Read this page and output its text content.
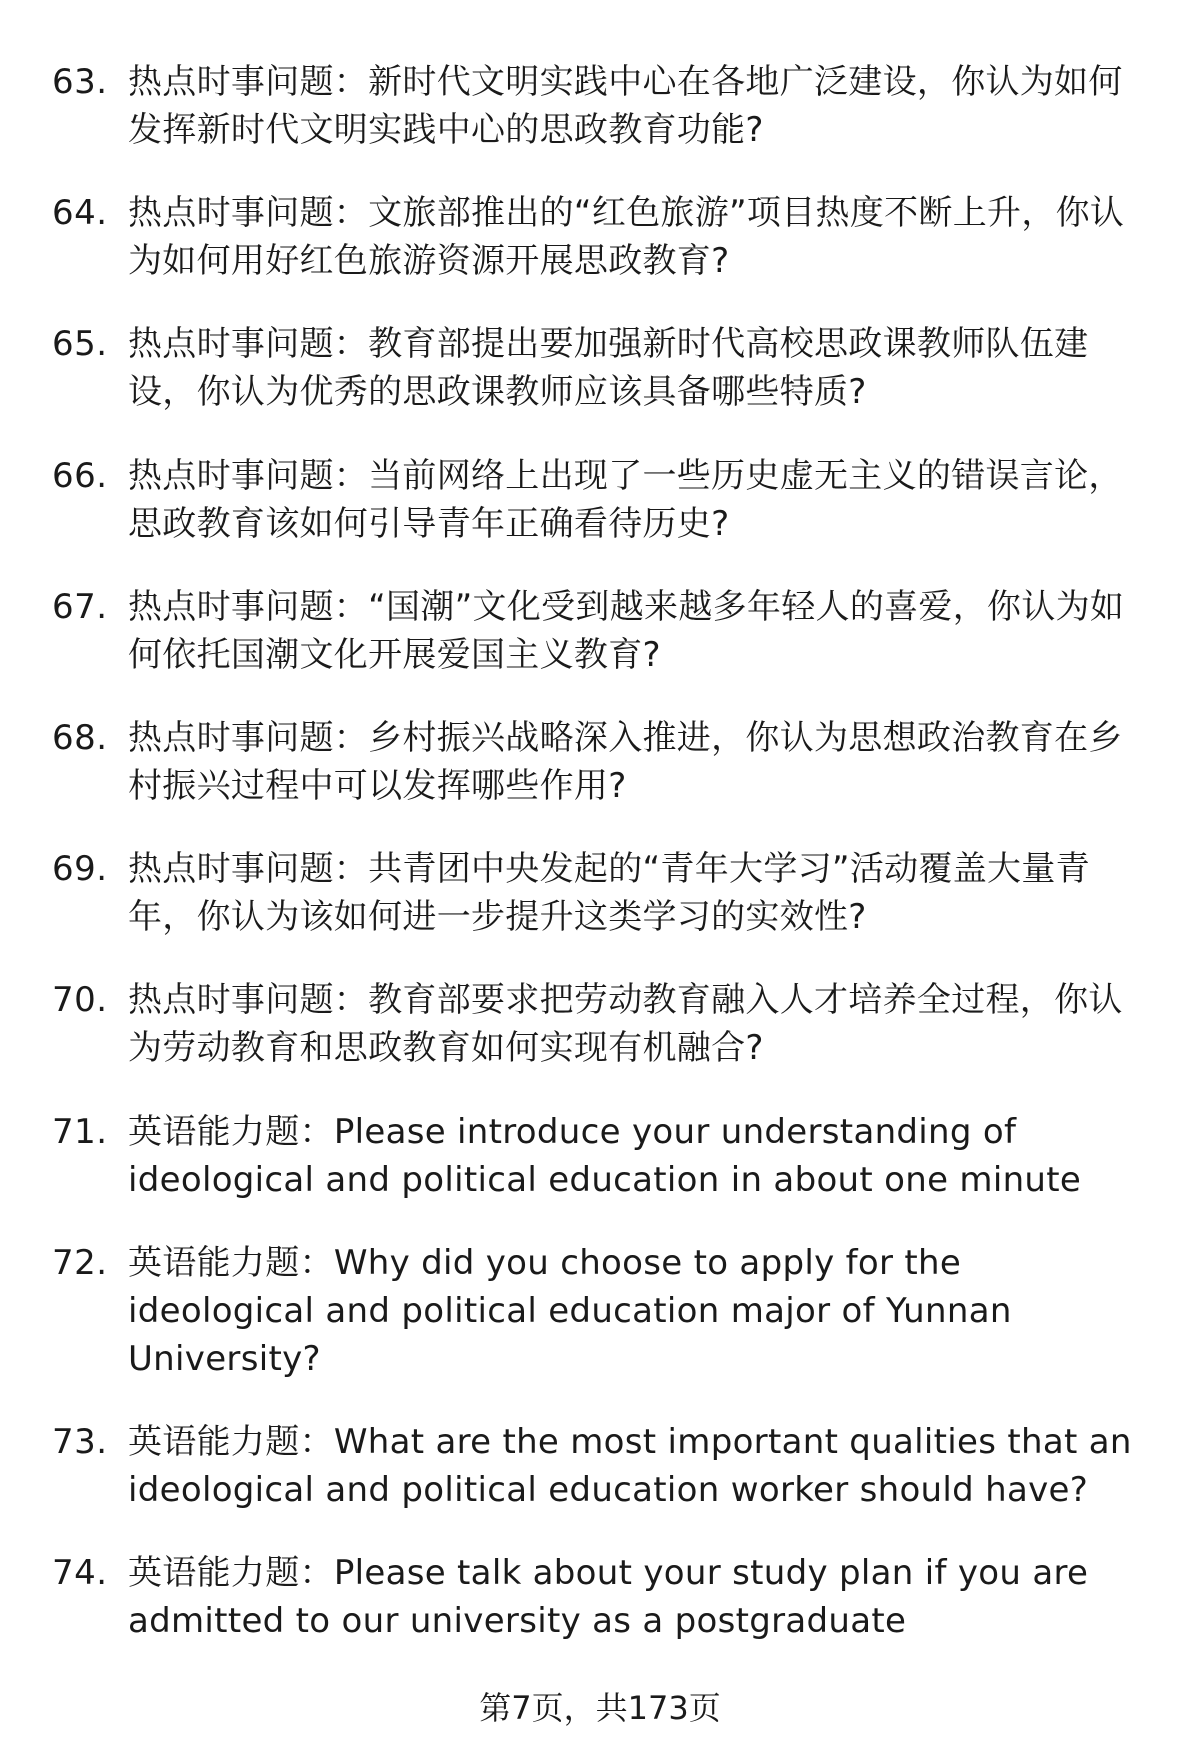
63. 热点时事问题：新时代文明实践中心在各地广泛建设，你认为如何发挥新时代文明实践中心的思政教育功能?
64. 热点时事问题：文旅部推出的“红色旅游”项目热度不断上升，你认为如何用好红色旅游资源开展思政教育?
65. 热点时事问题：教育部提出要加强新时代高校思政课教师队伍建设，你认为优秀的思政课教师应该具备哪些特质?
66. 热点时事问题：当前网络上出现了一些历史虚无主义的错误言论，思政教育该如何引导青年正确看待历史?
67. 热点时事问题：“国潮”文化受到越来越多年轻人的喜爱，你认为如何依托国潮文化开展爱国主义教育?
68. 热点时事问题：乡村振兴战略深入推进，你认为思想政治教育在乡村振兴过程中可以发挥哪些作用?
69. 热点时事问题：共青团中央发起的“青年大学习”活动覆盖大量青年，你认为该如何进一步提升这类学习的实效性?
70. 热点时事问题：教育部要求把劳动教育融入人才培养全过程，你认为劳动教育和思政教育如何实现有机融合?
71. 英语能力题：Please introduce your understanding of ideological and political education in about one minute
72. 英语能力题：Why did you choose to apply for the ideological and political education major of Yunnan University?
73. 英语能力题：What are the most important qualities that an ideological and political education worker should have?
74. 英语能力题：Please talk about your study plan if you are admitted to our university as a postgraduate
第7页，共173页
